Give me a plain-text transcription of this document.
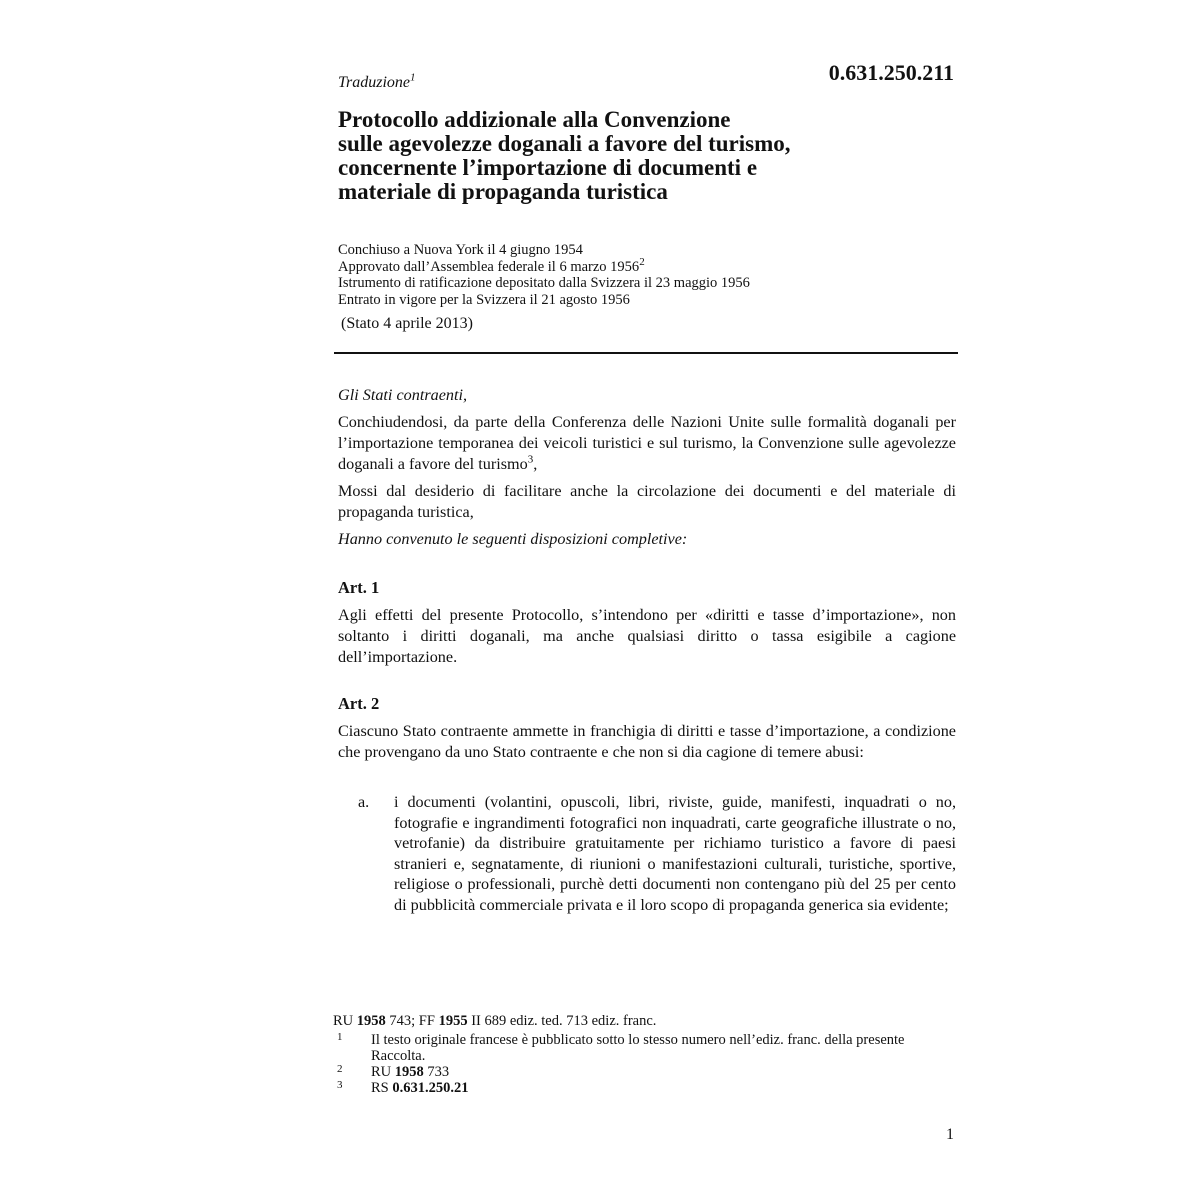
Traduzione$^1$	0.631.250.211
Protocollo addizionale alla Convenzione
sulle agevolezze doganali a favore del turismo,
concernente l’importazione di documenti e
materiale di propaganda turistica
Conchiuso a Nuova York il 4 giugno 1954
Approvato dall’Assemblea federale il 6 marzo 1956$^2$
Istrumento di ratificazione depositato dalla Svizzera il 23 maggio 1956
Entrato in vigore per la Svizzera il 21 agosto 1956
(Stato 4 aprile 2013)
Gli Stati contraenti,
Conchiudendosi, da parte della Conferenza delle Nazioni Unite sulle formalità doganali per l’importazione temporanea dei veicoli turistici e sul turismo, la Convenzione sulle agevolezze doganali a favore del turismo$^3$,
Mossi dal desiderio di facilitare anche la circolazione dei documenti e del materiale di propaganda turistica,
Hanno convenuto le seguenti disposizioni completive:
Art. 1
Agli effetti del presente Protocollo, s’intendono per «diritti e tasse d’importazione», non soltanto i diritti doganali, ma anche qualsiasi diritto o tassa esigibile a cagione dell’importazione.
Art. 2
Ciascuno Stato contraente ammette in franchigia di diritti e tasse d’importazione, a condizione che provengano da uno Stato contraente e che non si dia cagione di temere abusi:
a. i documenti (volantini, opuscoli, libri, riviste, guide, manifesti, inquadrati o no, fotografie e ingrandimenti fotografici non inquadrati, carte geografiche illustrate o no, vetrofanie) da distribuire gratuitamente per richiamo turistico a favore di paesi stranieri e, segnatamente, di riunioni o manifestazioni culturali, turistiche, sportive, religiose o professionali, purchè detti documenti non contengano più del 25 per cento di pubblicità commerciale privata e il loro scopo di propaganda generica sia evidente;
RU 1958 743; FF 1955 II 689 ediz. ted. 713 ediz. franc.
1 Il testo originale francese è pubblicato sotto lo stesso numero nell’ediz. franc. della presente Raccolta.
2 RU 1958 733
3 RS 0.631.250.21
1
